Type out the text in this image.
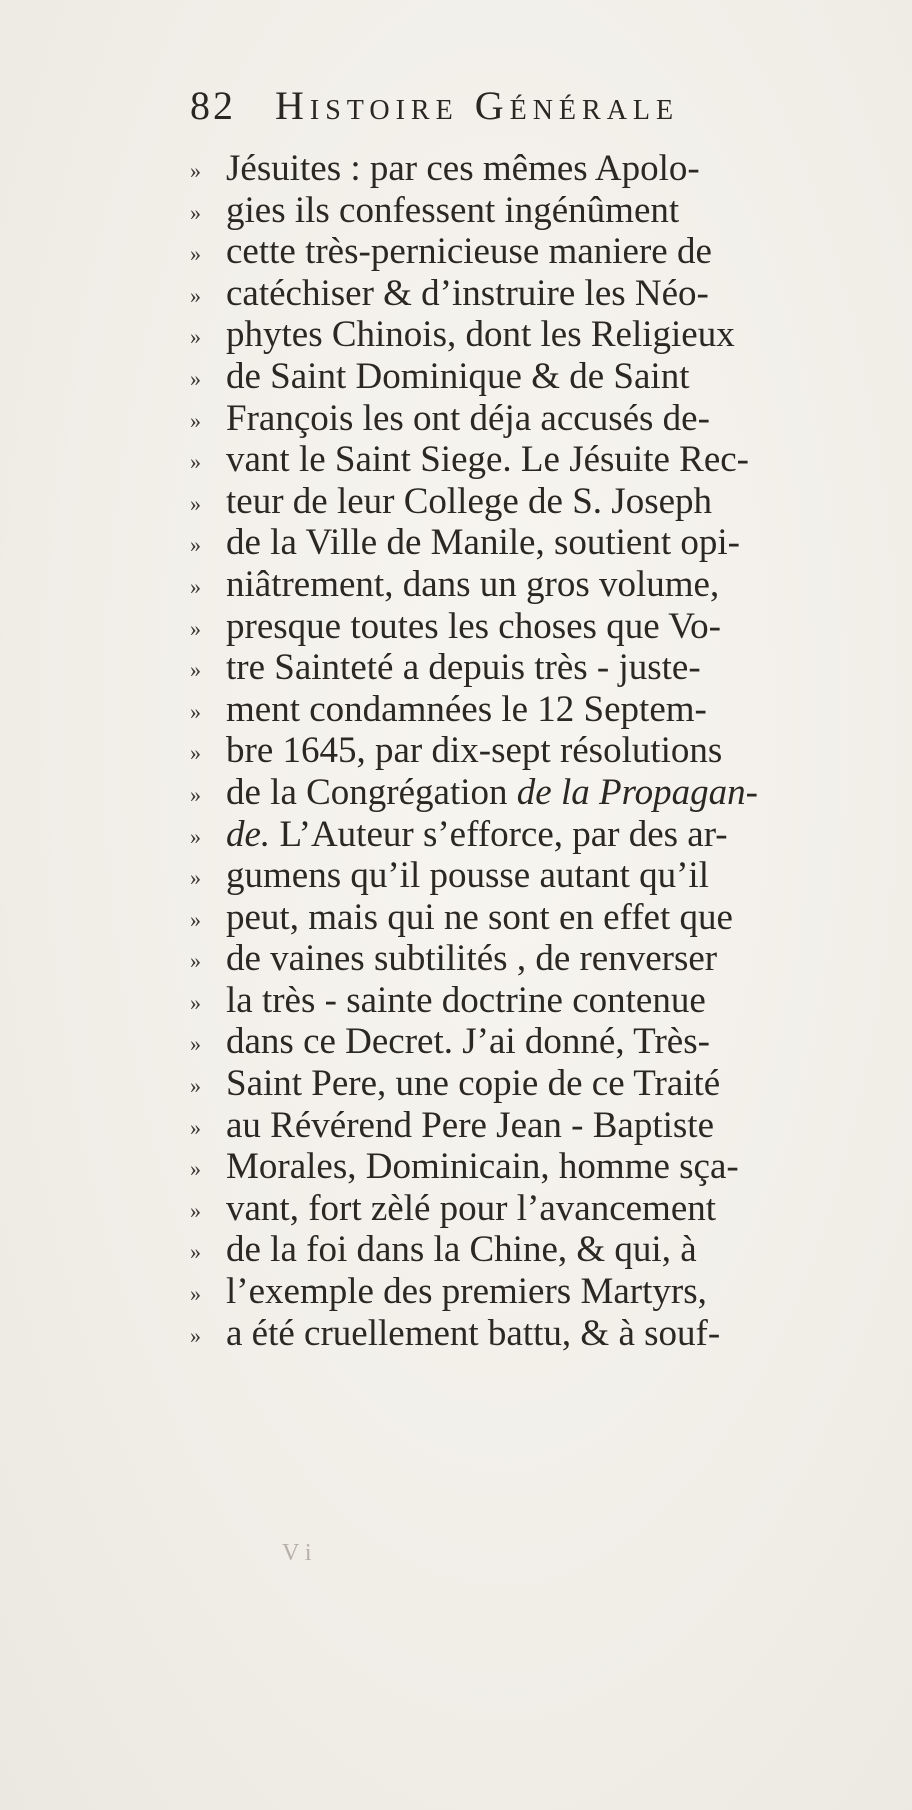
82 Histoire Générale
» Jésuites : par ces mêmes Apolo-
» gies ils confessent ingénûment
» cette très-pernicieuse maniere de
» catéchiser & d’instruire les Néo-
» phytes Chinois, dont les Religieux
» de Saint Dominique & de Saint
» François les ont déja accusés de-
» vant le Saint Siege. Le Jésuite Rec-
» teur de leur College de S. Joseph
» de la Ville de Manile, soutient opi-
» niâtrement, dans un gros volume,
» presque toutes les choses que Vo-
» tre Sainteté a depuis très - juste-
» ment condamnées le 12 Septem-
» bre 1645, par dix-sept résolutions
» de la Congrégation de la Propagan-
» de. L’Auteur s’efforce, par des ar-
» gumens qu’il pousse autant qu’il
» peut, mais qui ne sont en effet que
» de vaines subtilités , de renverser
» la très - sainte doctrine contenue
» dans ce Decret. J’ai donné, Très-
» Saint Pere, une copie de ce Traité
» au Révérend Pere Jean - Baptiste
» Morales, Dominicain, homme sça-
» vant, fort zèlé pour l’avancement
» de la foi dans la Chine, & qui, à
» l’exemple des premiers Martyrs,
» a été cruellement battu, & à souf-
V i
